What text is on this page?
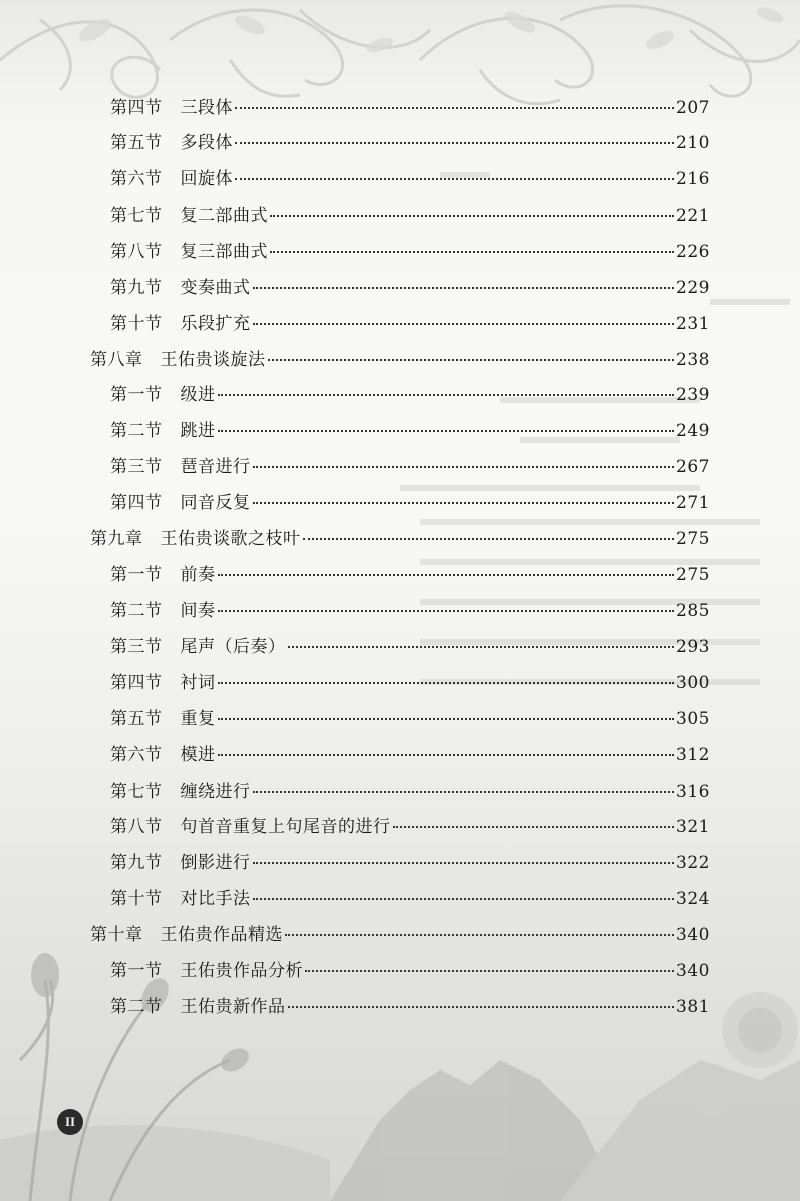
第四节 三段体	207
第五节 多段体	210
第六节 回旋体	216
第七节 复二部曲式	221
第八节 复三部曲式	226
第九节 变奏曲式	229
第十节 乐段扩充	231
第八章 王佑贵谈旋法	238
第一节 级进	239
第二节 跳进	249
第三节 琶音进行	267
第四节 同音反复	271
第九章 王佑贵谈歌之枝叶	275
第一节 前奏	275
第二节 间奏	285
第三节 尾声（后奏）	293
第四节 衬词	300
第五节 重复	305
第六节 模进	312
第七节 缠绕进行	316
第八节 句首音重复上句尾音的进行	321
第九节 倒影进行	322
第十节 对比手法	324
第十章 王佑贵作品精选	340
第一节 王佑贵作品分析	340
第二节 王佑贵新作品	381
II
